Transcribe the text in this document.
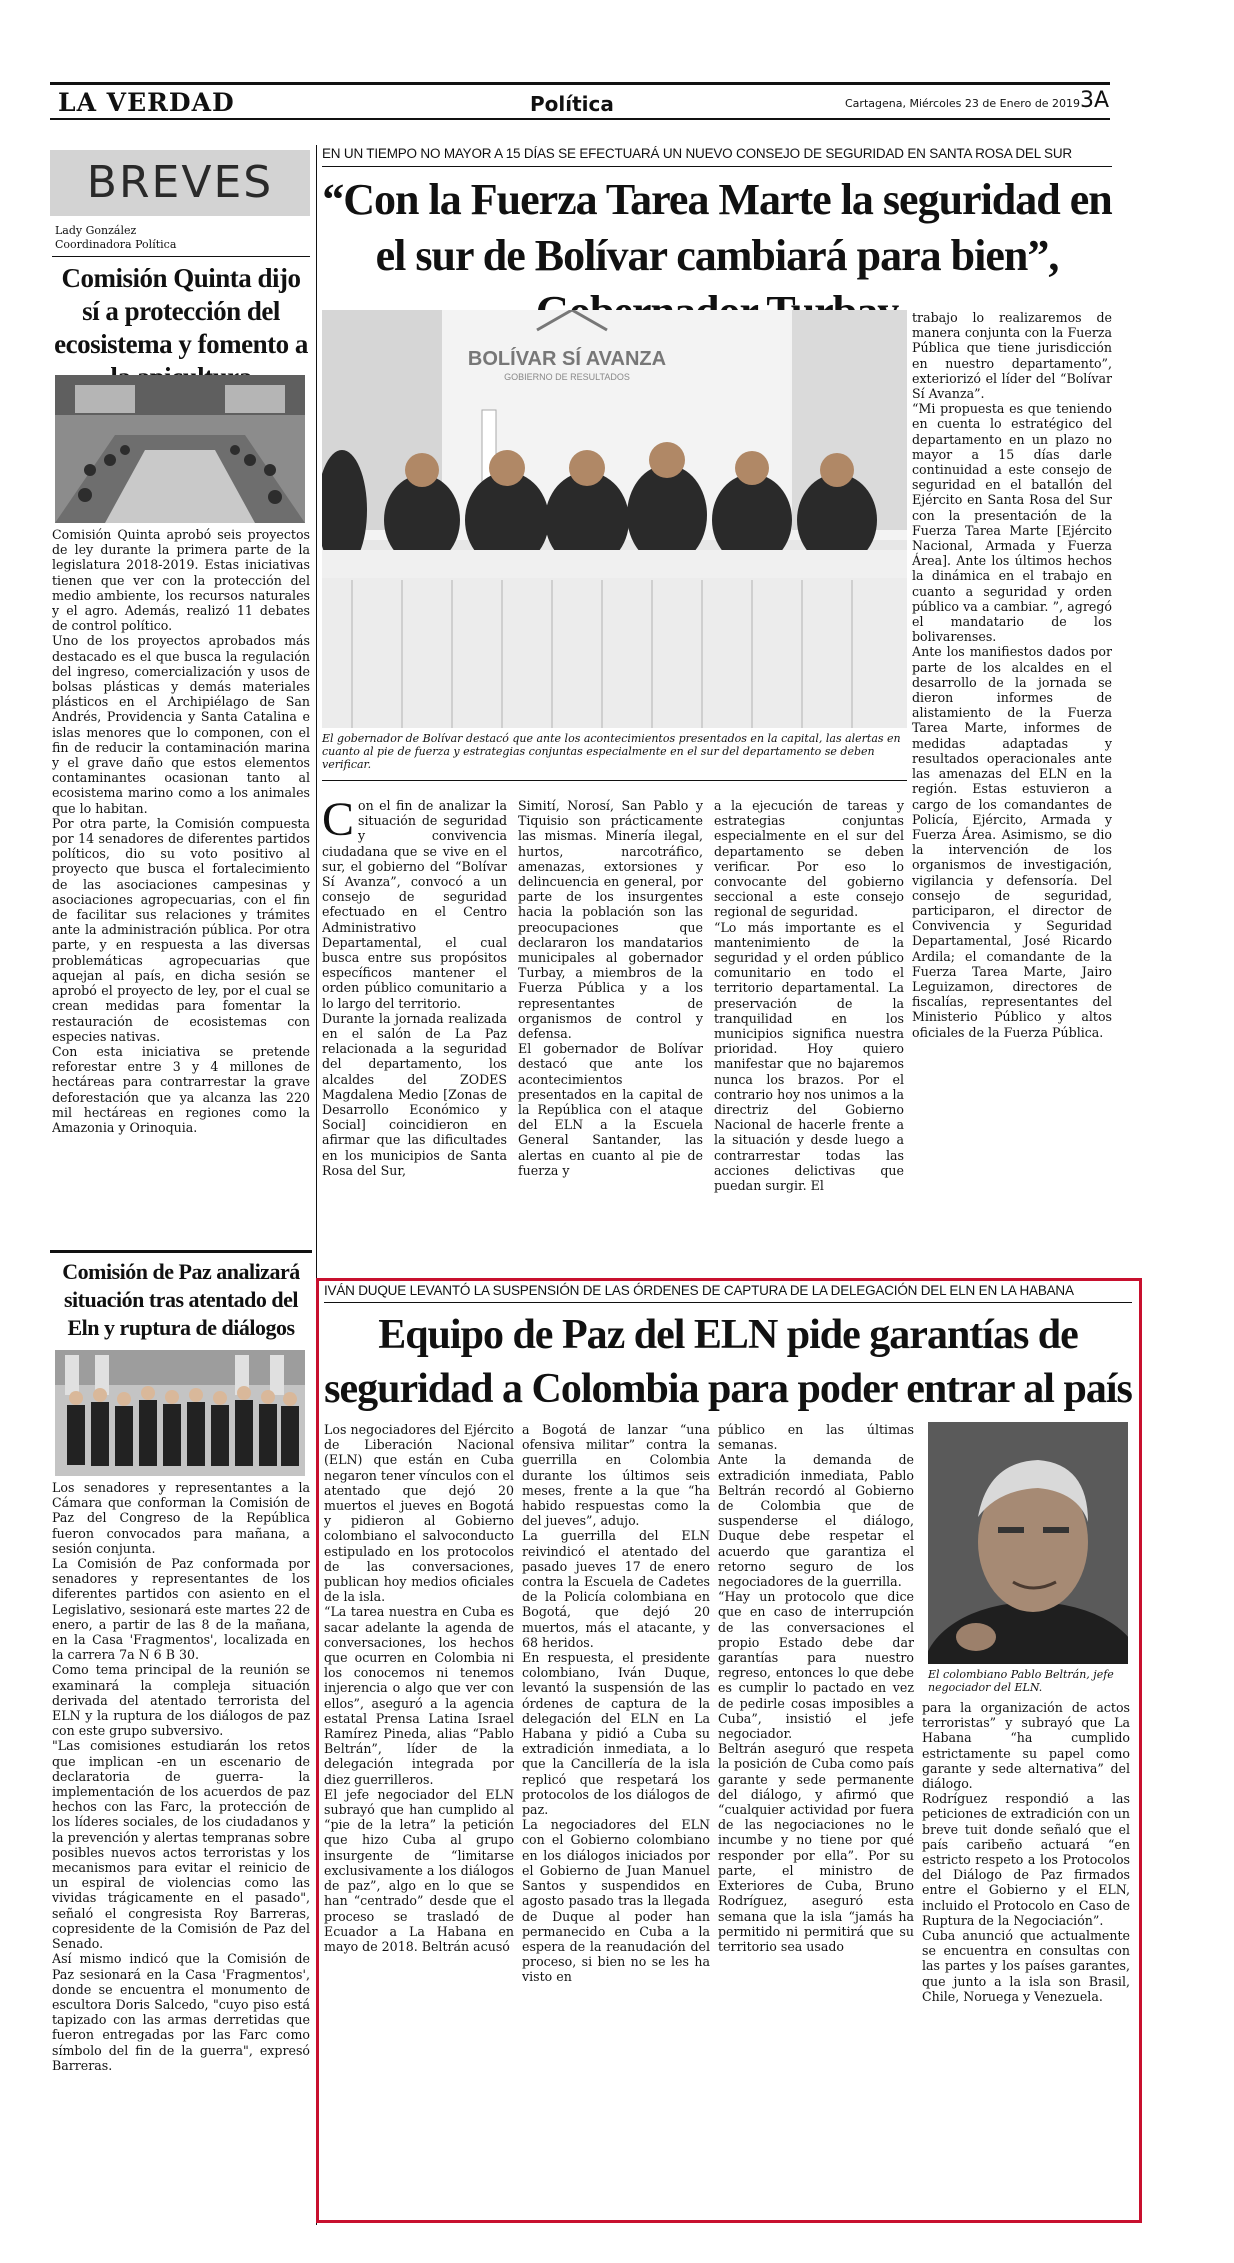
LA VERDAD	Política	Cartagena, Miércoles 23 de Enero de 2019 3A
BREVES
Lady González
Coordinadora Política
Comisión Quinta dijo sí a protección del ecosistema y fomento a
Comisión Quinta aprobó seis proyectos de ley durante la primera parte de la legislatura 2018-2019. Estas iniciativas tienen que ver con la protección del medio ambiente, los recursos naturales y el agro. Además, realizó 11 debates de control político.
Uno de los proyectos aprobados más destacado es el que busca la regulación del ingreso, comercialización y usos de bolsas plásticas y demás materiales plásticos en el Archipiélago de San Andrés, Providencia y Santa Catalina e islas menores que lo componen, con el fin de reducir la contaminación marina y el grave daño que estos elementos contaminantes ocasionan tanto al ecosistema marino como a los animales que lo habitan.
Por otra parte, la Comisión compuesta por 14 senadores de diferentes partidos políticos, dio su voto positivo al proyecto que busca el fortalecimiento de las asociaciones campesinas y asociaciones agropecuarias, con el fin de facilitar sus relaciones y trámites ante la administración pública. Por otra parte, y en respuesta a las diversas problemáticas agropecuarias que aquejan al país, en dicha sesión se aprobó el proyecto de ley, por el cual se crean medidas para fomentar la restauración de ecosistemas con especies nativas.
Con esta iniciativa se pretende reforestar entre 3 y 4 millones de hectáreas para contrarrestar la grave deforestación que ya alcanza las 220 mil hectáreas en regiones como la Amazonia y Orinoquia.
Comisión de Paz analizará situación tras atentado del Eln y ruptura de diálogos
Los senadores y representantes a la Cámara que conforman la Comisión de Paz del Congreso de la República fueron convocados para mañana, a sesión conjunta.
La Comisión de Paz conformada por senadores y representantes de los diferentes partidos con asiento en el Legislativo, sesionará este martes 22 de enero, a partir de las 8 de la mañana, en la Casa 'Fragmentos', localizada en la carrera 7a N 6 B 30.
Como tema principal de la reunión se examinará la compleja situación derivada del atentado terrorista del ELN y la ruptura de los diálogos de paz con este grupo subversivo.
"Las comisiones estudiarán los retos que implican -en un escenario de declaratoria de guerra- la implementación de los acuerdos de paz hechos con las Farc, la protección de los líderes sociales, de los ciudadanos y la prevención y alertas tempranas sobre posibles nuevos actos terroristas y los mecanismos para evitar el reinicio de un espiral de violencias como las vividas trágicamente en el pasado", señaló el congresista Roy Barreras, copresidente de la Comisión de Paz del Senado.
Así mismo indicó que la Comisión de Paz sesionará en la Casa 'Fragmentos', donde se encuentra el monumento de escultora Doris Salcedo, "cuyo piso está tapizado con las armas derretidas que fueron entregadas por las Farc como símbolo del fin de la guerra", expresó Barreras.
EN UN TIEMPO NO MAYOR A 15 DÍAS SE EFECTUARÁ UN NUEVO CONSEJO DE SEGURIDAD EN SANTA ROSA DEL SUR
“Con la Fuerza Tarea Marte la seguridad en el sur de Bolívar cambiará para bien”,
BOLÍVAR SÍ AVANZA
GOBIERNO DE RESULTADOS
El gobernador de Bolívar destacó que ante los acontecimientos presentados en la capital, las alertas en cuanto al pie de fuerza y estrategias conjuntas especialmente en el sur del departamento se deben verificar.
Con el fin de analizar la situación de seguridad y convivencia ciudadana que se vive en el sur, el gobierno del “Bolívar Sí Avanza”, convocó a un consejo de seguridad efectuado en el Centro Administrativo Departamental, el cual busca entre sus propósitos específicos mantener el orden público comunitario a lo largo del territorio.
Durante la jornada realizada en el salón de La Paz relacionada a la seguridad del departamento, los alcaldes del ZODES Magdalena Medio [Zonas de Desarrollo Económico y Social] coincidieron en afirmar que las dificultades en los municipios de Santa Rosa del Sur,
Simití, Norosí, San Pablo y Tiquisio son prácticamente las mismas. Minería ilegal, hurtos, narcotráfico, amenazas, extorsiones y delincuencia en general, por parte de los insurgentes hacia la población son las preocupaciones que declararon los mandatarios municipales al gobernador Turbay, a miembros de la Fuerza Pública y a los representantes de organismos de control y defensa.
El gobernador de Bolívar destacó que ante los acontecimientos presentados en la capital de la República con el ataque del ELN a la Escuela General Santander, las alertas en cuanto al pie de fuerza y
a la ejecución de tareas y estrategias conjuntas especialmente en el sur del departamento se deben verificar. Por eso lo convocante del gobierno seccional a este consejo regional de seguridad.
“Lo más importante es el mantenimiento de la seguridad y el orden público comunitario en todo el territorio departamental. La preservación de la tranquilidad en los municipios significa nuestra prioridad. Hoy quiero manifestar que no bajaremos nunca los brazos. Por el contrario hoy nos unimos a la directriz del Gobierno Nacional de hacerle frente a la situación y desde luego a contrarrestar todas las acciones delictivas que puedan surgir. El
trabajo lo realizaremos de manera conjunta con la Fuerza Pública que tiene jurisdicción en nuestro departamento”, exteriorizó el líder del “Bolívar Sí Avanza”.
“Mi propuesta es que teniendo en cuenta lo estratégico del departamento en un plazo no mayor a 15 días darle continuidad a este consejo de seguridad en el batallón del Ejército en Santa Rosa del Sur con la presentación de la Fuerza Tarea Marte [Ejército Nacional, Armada y Fuerza Área]. Ante los últimos hechos la dinámica en el trabajo en cuanto a seguridad y orden público va a cambiar. ”, agregó el mandatario de los bolivarenses.
Ante los manifiestos dados por parte de los alcaldes en el desarrollo de la jornada se dieron informes de alistamiento de la Fuerza Tarea Marte, informes de medidas adaptadas y resultados operacionales ante las amenazas del ELN en la región. Estas estuvieron a cargo de los comandantes de Policía, Ejército, Armada y Fuerza Área. Asimismo, se dio la intervención de los organismos de investigación, vigilancia y defensoría. Del consejo de seguridad, participaron, el director de Convivencia y Seguridad Departamental, José Ricardo Ardila; el comandante de la Fuerza Tarea Marte, Jairo Leguizamon, directores de fiscalías, representantes del Ministerio Público y altos oficiales de la Fuerza Pública.
IVÁN DUQUE LEVANTÓ LA SUSPENSIÓN DE LAS ÓRDENES DE CAPTURA DE LA DELEGACIÓN DEL ELN EN LA HABANA
Equipo de Paz del ELN pide garantías de seguridad a Colombia para poder entrar al país
Los negociadores del Ejército de Liberación Nacional (ELN) que están en Cuba negaron tener vínculos con el atentado que dejó 20 muertos el jueves en Bogotá y pidieron al Gobierno colombiano el salvoconducto estipulado en los protocolos de las conversaciones, publican hoy medios oficiales de la isla.
“La tarea nuestra en Cuba es sacar adelante la agenda de conversaciones, los hechos que ocurren en Colombia ni los conocemos ni tenemos injerencia o algo que ver con ellos”, aseguró a la agencia estatal Prensa Latina Israel Ramírez Pineda, alias “Pablo Beltrán”, líder de la delegación integrada por diez guerrilleros.
El jefe negociador del ELN subrayó que han cumplido al “pie de la letra” la petición que hizo Cuba al grupo insurgente de “limitarse exclusivamente a los diálogos de paz”, algo en lo que se han “centrado” desde que el proceso se trasladó de Ecuador a La Habana en mayo de 2018. Beltrán acusó
a Bogotá de lanzar “una ofensiva militar” contra la guerrilla en Colombia durante los últimos seis meses, frente a la que “ha habido respuestas como la del jueves”, adujo.
La guerrilla del ELN reivindicó el atentado del pasado jueves 17 de enero contra la Escuela de Cadetes de la Policía colombiana en Bogotá, que dejó 20 muertos, más el atacante, y 68 heridos.
En respuesta, el presidente colombiano, Iván Duque, levantó la suspensión de las órdenes de captura de la delegación del ELN en La Habana y pidió a Cuba su extradición inmediata, a lo que la Cancillería de la isla replicó que respetará los protocolos de los diálogos de paz.
La negociadores del ELN con el Gobierno colombiano en los diálogos iniciados por el Gobierno de Juan Manuel Santos y suspendidos en agosto pasado tras la llegada de Duque al poder han permanecido en Cuba a la espera de la reanudación del proceso, si bien no se les ha visto en
público en las últimas semanas.
Ante la demanda de extradición inmediata, Pablo Beltrán recordó al Gobierno de Colombia que de suspenderse el diálogo, Duque debe respetar el acuerdo que garantiza el retorno seguro de los negociadores de la guerrilla.
“Hay un protocolo que dice que en caso de interrupción de las conversaciones el propio Estado debe dar garantías para nuestro regreso, entonces lo que debe es cumplir lo pactado en vez de pedirle cosas imposibles a Cuba”, insistió el jefe negociador.
Beltrán aseguró que respeta la posición de Cuba como país garante y sede permanente del diálogo, y afirmó que “cualquier actividad por fuera de las negociaciones no le incumbe y no tiene por qué responder por ella”. Por su parte, el ministro de Exteriores de Cuba, Bruno Rodríguez, aseguró esta semana que la isla “jamás ha permitido ni permitirá que su territorio sea usado
El colombiano Pablo Beltrán, jefe negociador del ELN.
para la organización de actos terroristas” y subrayó que La Habana “ha cumplido estrictamente su papel como garante y sede alternativa” del diálogo.
Rodríguez respondió a las peticiones de extradición con un breve tuit donde señaló que el país caribeño actuará “en estricto respeto a los Protocolos del Diálogo de Paz firmados entre el Gobierno y el ELN, incluido el Protocolo en Caso de Ruptura de la Negociación”.
Cuba anunció que actualmente se encuentra en consultas con las partes y los países garantes, que junto a la isla son Brasil, Chile, Noruega y Venezuela.
